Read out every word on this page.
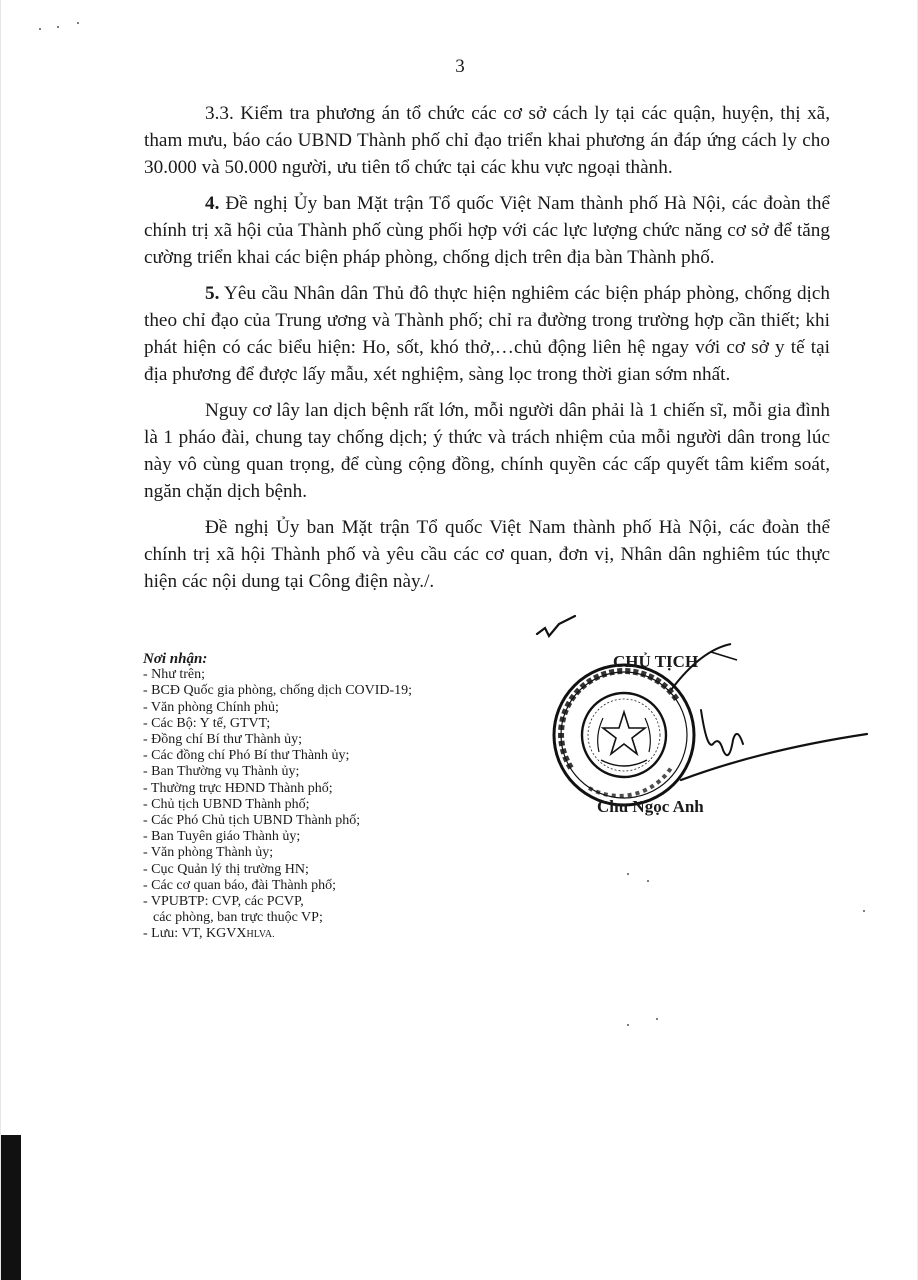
3

3.3. Kiểm tra phương án tổ chức các cơ sở cách ly tại các quận, huyện, thị xã, tham mưu, báo cáo UBND Thành phố chỉ đạo triển khai phương án đáp ứng cách ly cho 30.000 và 50.000 người, ưu tiên tổ chức tại các khu vực ngoại thành.

4. Đề nghị Ủy ban Mặt trận Tổ quốc Việt Nam thành phố Hà Nội, các đoàn thể chính trị xã hội của Thành phố cùng phối hợp với các lực lượng chức năng cơ sở để tăng cường triển khai các biện pháp phòng, chống dịch trên địa bàn Thành phố.

5. Yêu cầu Nhân dân Thủ đô thực hiện nghiêm các biện pháp phòng, chống dịch theo chỉ đạo của Trung ương và Thành phố; chỉ ra đường trong trường hợp cần thiết; khi phát hiện có các biểu hiện: Ho, sốt, khó thở,…chủ động liên hệ ngay với cơ sở y tế tại địa phương để được lấy mẫu, xét nghiệm, sàng lọc trong thời gian sớm nhất.

Nguy cơ lây lan dịch bệnh rất lớn, mỗi người dân phải là 1 chiến sĩ, mỗi gia đình là 1 pháo đài, chung tay chống dịch; ý thức và trách nhiệm của mỗi người dân trong lúc này vô cùng quan trọng, để cùng cộng đồng, chính quyền các cấp quyết tâm kiểm soát, ngăn chặn dịch bệnh.

Đề nghị Ủy ban Mặt trận Tổ quốc Việt Nam thành phố Hà Nội, các đoàn thể chính trị xã hội Thành phố và yêu cầu các cơ quan, đơn vị, Nhân dân nghiêm túc thực hiện các nội dung tại Công điện này./.

Nơi nhận:
- Như trên;
- BCĐ Quốc gia phòng, chống dịch COVID-19;
- Văn phòng Chính phủ;
- Các Bộ: Y tế, GTVT;
- Đồng chí Bí thư Thành ủy;
- Các đồng chí Phó Bí thư Thành ủy;
- Ban Thường vụ Thành ủy;
- Thường trực HĐND Thành phố;
- Chủ tịch UBND Thành phố;
- Các Phó Chủ tịch UBND Thành phố;
- Ban Tuyên giáo Thành ủy;
- Văn phòng Thành ủy;
- Cục Quản lý thị trường HN;
- Các cơ quan báo, đài Thành phố;
- VPUBTP: CVP, các PCVP,
các phòng, ban trực thuộc VP;
- Lưu: VT, KGVXHLVA.
CHỦ TỊCH
Chu Ngọc Anh
